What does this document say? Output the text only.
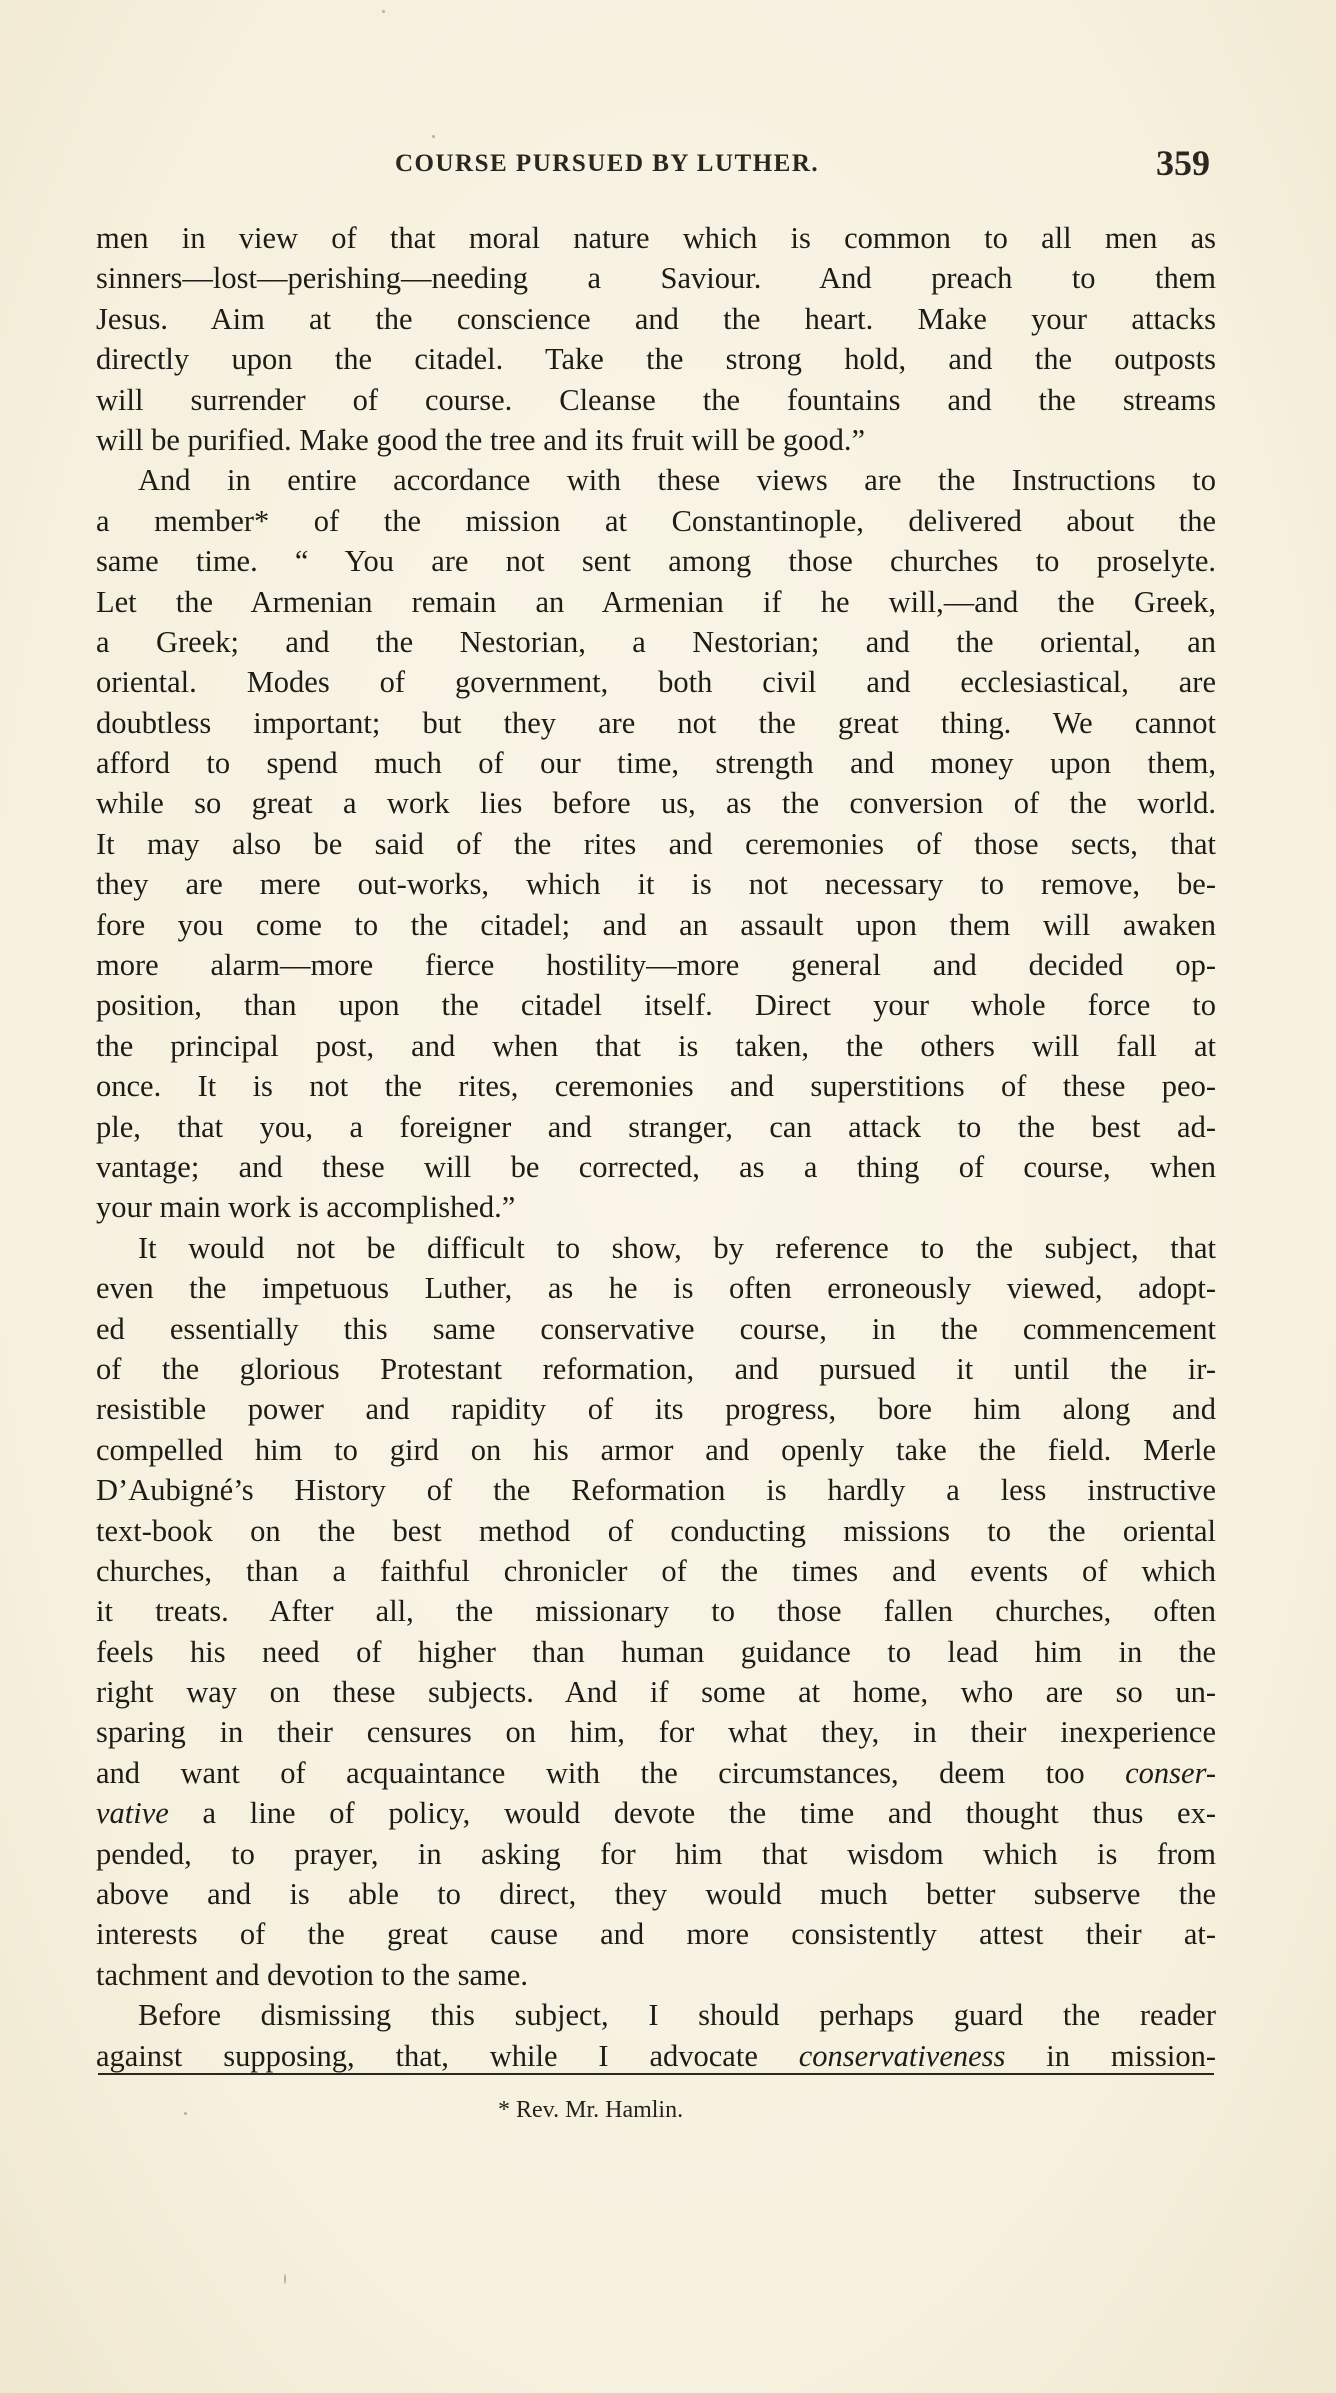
COURSE PURSUED BY LUTHER.	359
men in view of that moral nature which is common to all men as
sinners—lost—perishing—needing a Saviour. And preach to them
Jesus. Aim at the conscience and the heart. Make your attacks
directly upon the citadel. Take the strong hold, and the outposts
will surrender of course. Cleanse the fountains and the streams
will be purified. Make good the tree and its fruit will be good.”
And in entire accordance with these views are the Instructions to
a member* of the mission at Constantinople, delivered about the
same time. “ You are not sent among those churches to proselyte.
Let the Armenian remain an Armenian if he will,—and the Greek,
a Greek; and the Nestorian, a Nestorian; and the oriental, an
oriental. Modes of government, both civil and ecclesiastical, are
doubtless important; but they are not the great thing. We cannot
afford to spend much of our time, strength and money upon them,
while so great a work lies before us, as the conversion of the world.
It may also be said of the rites and ceremonies of those sects, that
they are mere out-works, which it is not necessary to remove, be-
fore you come to the citadel; and an assault upon them will awaken
more alarm—more fierce hostility—more general and decided op-
position, than upon the citadel itself. Direct your whole force to
the principal post, and when that is taken, the others will fall at
once. It is not the rites, ceremonies and superstitions of these peo-
ple, that you, a foreigner and stranger, can attack to the best ad-
vantage; and these will be corrected, as a thing of course, when
your main work is accomplished.”
It would not be difficult to show, by reference to the subject, that
even the impetuous Luther, as he is often erroneously viewed, adopt-
ed essentially this same conservative course, in the commencement
of the glorious Protestant reformation, and pursued it until the ir-
resistible power and rapidity of its progress, bore him along and
compelled him to gird on his armor and openly take the field. Merle
D’Aubigné’s History of the Reformation is hardly a less instructive
text-book on the best method of conducting missions to the oriental
churches, than a faithful chronicler of the times and events of which
it treats. After all, the missionary to those fallen churches, often
feels his need of higher than human guidance to lead him in the
right way on these subjects. And if some at home, who are so un-
sparing in their censures on him, for what they, in their inexperience
and want of acquaintance with the circumstances, deem too conser-
vative a line of policy, would devote the time and thought thus ex-
pended, to prayer, in asking for him that wisdom which is from
above and is able to direct, they would much better subserve the
interests of the great cause and more consistently attest their at-
tachment and devotion to the same.
Before dismissing this subject, I should perhaps guard the reader
against supposing, that, while I advocate conservativeness in mission-
* Rev. Mr. Hamlin.
